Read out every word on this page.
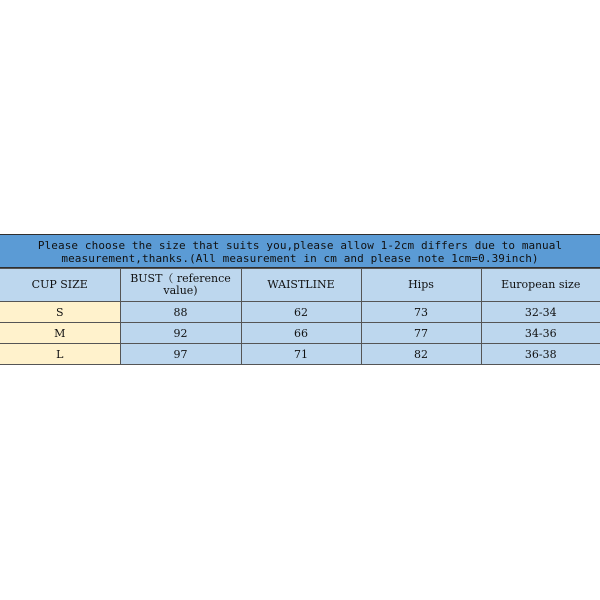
Please choose the size that suits you,please allow 1-2cm differs due to manual
measurement,thanks.(All measurement in cm and please note 1cm=0.39inch)
CUP SIZE	BUST（ reference value)	WAISTLINE	Hips	European size
S	88	62	73	32-34
M	92	66	77	34-36
L	97	71	82	36-38
